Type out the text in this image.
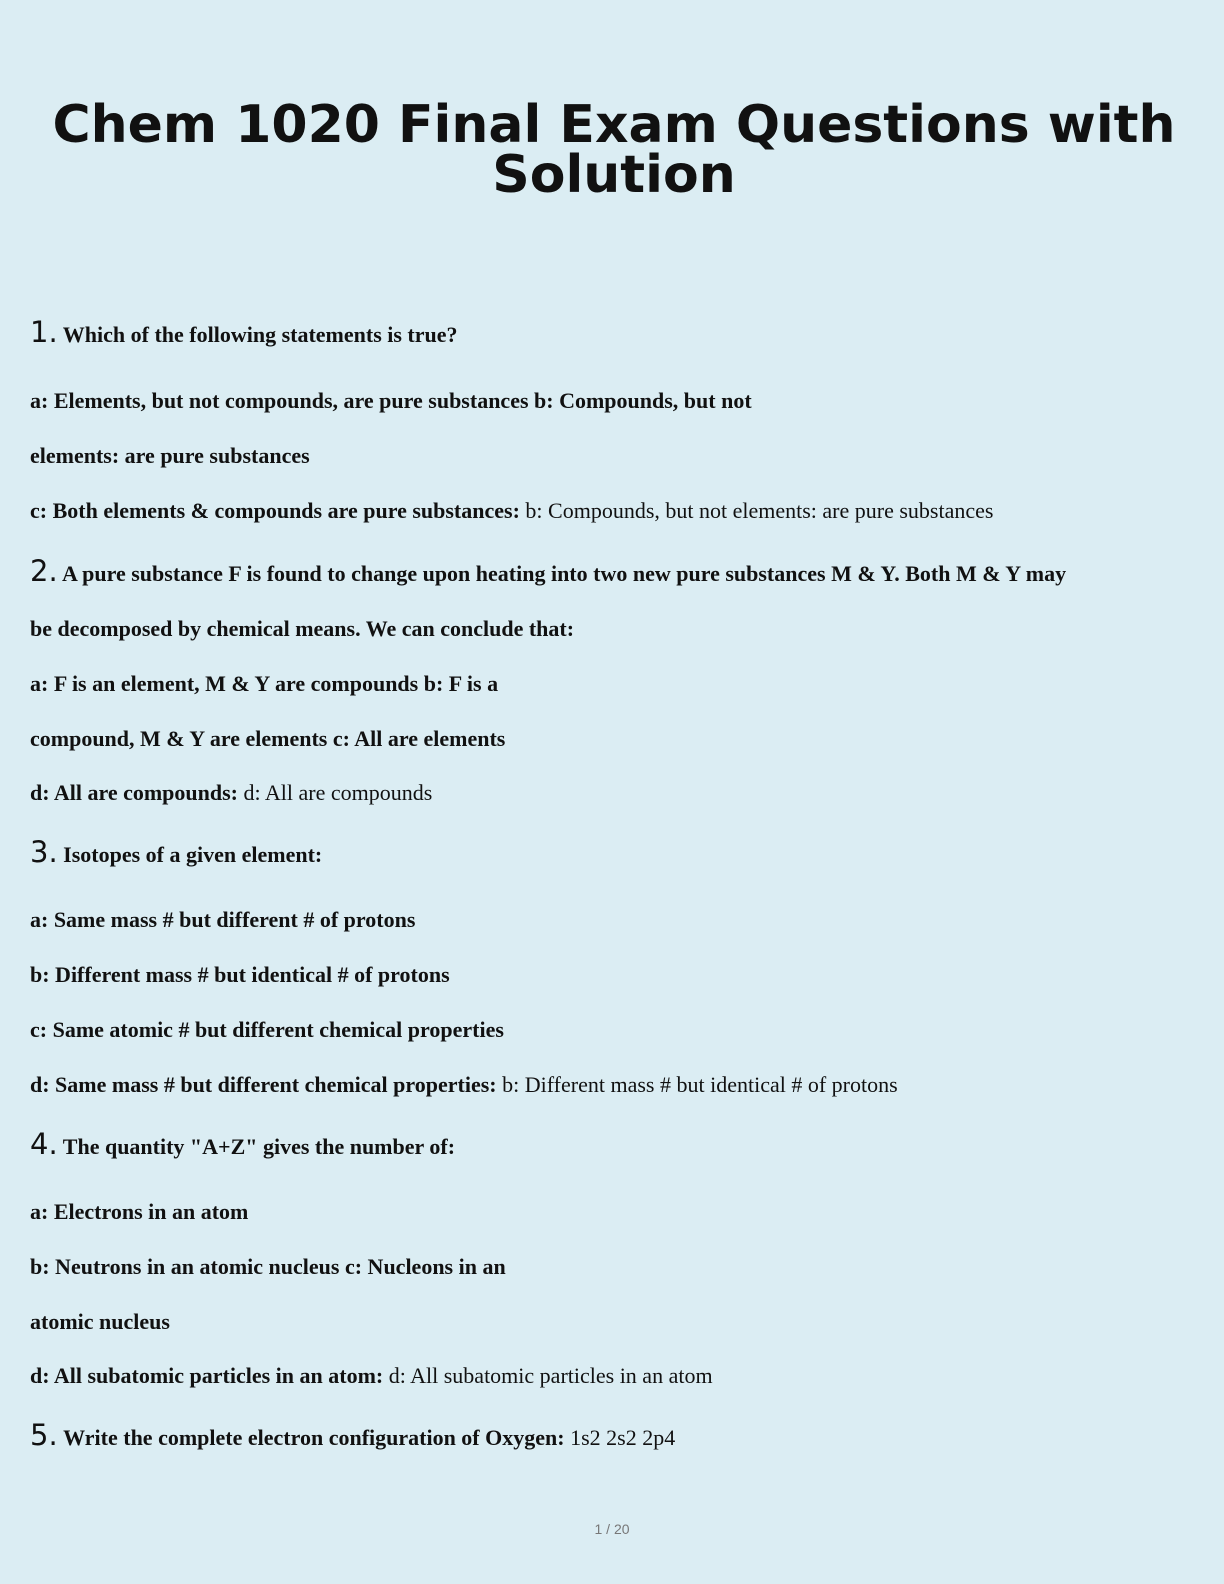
Chem 1020 Final Exam Questions with Solution
1. Which of the following statements is true?
a: Elements, but not compounds, are pure substances b: Compounds, but not
elements: are pure substances
c: Both elements & compounds are pure substances: b: Compounds, but not elements: are pure substances
2. A pure substance F is found to change upon heating into two new pure substances M & Y. Both M & Y may
be decomposed by chemical means. We can conclude that:
a: F is an element, M & Y are compounds b: F is a
compound, M & Y are elements c: All are elements
d: All are compounds: d: All are compounds
3. Isotopes of a given element:
a: Same mass # but different # of protons
b: Different mass # but identical # of protons
c: Same atomic # but different chemical properties
d: Same mass # but different chemical properties: b: Different mass # but identical # of protons
4. The quantity "A+Z" gives the number of:
a: Electrons in an atom
b: Neutrons in an atomic nucleus c: Nucleons in an
atomic nucleus
d: All subatomic particles in an atom: d: All subatomic particles in an atom
5. Write the complete electron configuration of Oxygen: 1s2 2s2 2p4
1 / 20
